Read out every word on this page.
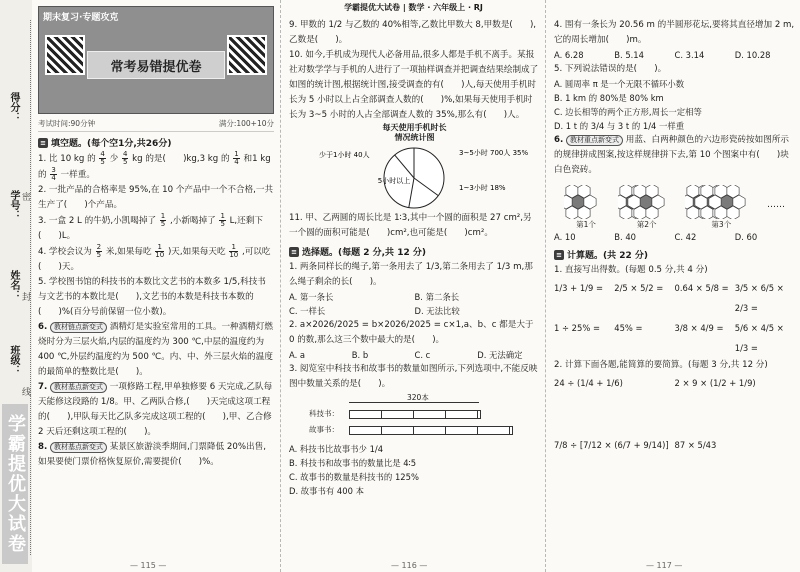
得分：
学号：
姓名：
班级：
密
封
线
学霸提优大试卷
期末复习·专题攻克
常考易错提优卷
考试时间:90分钟	满分:100+10分
≡ 填空题。(每个空1分,共26分)

1. 比 10 kg 的 $\frac{4}{5}$ 少 $\frac{4}{5}$ kg 的是(　　)kg,3 kg 的 $\frac{1}{4}$ 和1 kg 的 $\frac{3}{4}$ 一样重。

2. 一批产品的合格率是 95%,在 10 个产品中一个不合格,一共生产了(　　)个产品。

3. 一盒 2 L 的牛奶,小凯喝掉了 $\frac{1}{5}$ ,小新喝掉了 $\frac{1}{5} L$,还剩下(　　)L。

4. 学校会议为 $\frac{2}{5}$ 米,如果每吃 $\frac{1}{10}$ )天,如果每天吃 $\frac{1}{10}$ ,可以吃(　　)天。

5. 学校图书馆的科技书的本数比文艺书的本数多 1/5,科技书与文艺书的本数比是(　　),文艺书的本数是科技书本数的(　　)%(百分号前保留一位小数)。

6. 教材链点新变式 酒精灯是实验室常用的工具。一种酒精灯燃烧时分为三层火焰,内层的温度约为 300 ℃,中层的温度约为 400 ℃,外层约温度约为 500 ℃。内、中、外三层火焰的温度的最简单的整数比是(　　)。

7. 教材基点新变式 一项修路工程,甲单独修要 6 天完成,乙队每天能修这段路的 1/8。甲、乙两队合修,(　　)天完成这项工程的(　　),甲队每天比乙队多完成这项工程的(　　),甲、乙合修 2 天后还剩这项工程的(　　)。

8. 教材基点新变式 某景区旅游淡季期间,门票降低 20%出售,如果要使门票价格恢复原价,需要提价(　　)%。

— 115 —
学霸提优大试卷 | 数学 · 六年级上 · RJ

9. 甲数的 1/2 与乙数的 40%相等,乙数比甲数大 8,甲数是(　　),乙数是(　　)。

10. 如今,手机成为现代人必备用品,很多人都是手机不离手。某报社对数学学与手机的人进行了一项抽样调查并把调查结果绘制成了如图的统计图,根据统计图,接受调查的有(　　)人,每天使用手机时长为 5 小时以上占全部调查人数的(　　)%,如果每天使用手机时长为 3~5 小时的人占全部调查人数的 35%,那么有(　　)人。

每天使用手机时长
情况统计图
少于1小时 40人	3~5小时 700人 35%
1~3小时 18%
5小时以上

11. 甲、乙两圆的周长比是 1∶3,其中一个圆的面积是 27 cm²,另一个圆的面积可能是(　　)cm²,也可能是(　　)cm²。

≡ 选择题。(每题 2 分,共 12 分)

1. 两条同样长的绳子,第一条用去了 1/3,第二条用去了 1/3 m,那么绳子剩余的长(　　)。

A. 第一条长	B. 第二条长
C. 一样长	D. 无法比较

2. a×2026/2025 = b×2026/2025 = c×1,a、b、c 都是大于 0 的数,那么这三个数中最大的是(　　)。

A. a	B. b	C. c	D. 无法确定

3. 阅览室中科技书和故事书的数量如图所示,下列选项中,不能反映图中数量关系的是(　　)。

320本
科技书：
故事书：
A. 科技书比故事书少 1/4
B. 科技书和故事书的数量比是 4∶5
C. 故事书的数量是科技书的 125%
D. 故事书有 400 本
— 116 —

4. 围有一条长为 20.56 m 的半圆形花坛,要将其直径增加 2 m,它的周长增加(　　)m。

A. 6.28	B. 5.14	C. 3.14	D. 10.28

5. 下列说法错误的是(　　)。

A. 圆周率 π 是一个无限不循环小数
B. 1 km 的 80%是 80% km
C. 边长相等的两个正方形,周长一定相等
D. 1 t 的 3/4 与 3 t 的 1/4 一样重

6. 教材重点新变式 用蓝、白两种颜色的六边形瓷砖按如图所示的规律拼成图案,按这样规律拼下去,第 10 个图案中有(　　)块白色瓷砖。

第1个	第2个	第3个
……
A. 10	B. 40	C. 42	D. 60
≡ 计算题。(共 22 分)

1. 直接写出得数。(每题 0.5 分,共 4 分)

1/3 + 1/9 =	2/5 × 5/2 =	0.64 × 5/8 = 3/5 × 6/5 × 2/3 =
1 ÷ 25% =	45% =	3/8 × 4/9 =	5/6 × 4/5 × 1/3 =

2. 计算下面各题,能简算的要简算。(每题 3 分,共 12 分)

24 ÷ (1/4 + 1/6)	2 × 9 × (1/2 + 1/9)
7/8 ÷ [7/12 × (6/7 + 9/14)] 87 × 5/43
— 117 —
